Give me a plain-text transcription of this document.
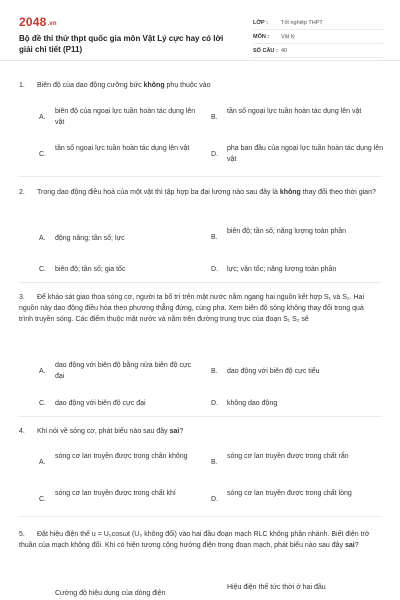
2048.vn
Bộ đề thi thử thpt quốc gia môn Vật Lý cực hay có lời giải chi tiết (P11)
LỚP :	Tốt nghiệp THPT
MÔN :	Vật lý
SỐ CÂU : 40
1. Biên độ của dao động cưỡng bức không phụ thuộc vào
A.
biên độ của ngoại lực tuần hoàn tác dụng lên vật
B.
tần số ngoại lực tuần hoàn tác dụng lên vật
C.
tần số ngoại lực tuần hoàn tác dụng lên vật
D.
pha ban đầu của ngoại lực tuần hoàn tác dụng lên vật
2. Trong dao động điều hoà của một vật thì tập hợp ba đại lượng nào sau đây là không thay đổi theo thời gian?
A.	động năng; tần số; lực	B.
biên độ; tần số; năng lượng toàn phần
C.	biên độ; tần số; gia tốc	D.	lực; vận tốc; năng lượng toàn phần
3. Để khảo sát giao thoa sóng cơ, người ta bố trí trên mặt nước nằm ngang hai nguồn kết hợp S₁ và S₂. Hai nguồn này dao động điều hòa theo phương thẳng đứng, cùng pha. Xem biên độ sóng không thay đổi trong quá trình truyền sóng. Các điểm thuộc mặt nước và nằm trên đường trung trực của đoạn S₁ S₂ sẽ
A.
dao động với biên độ bằng nửa biên độ cực đại
B.	dao động với biên độ cực tiểu
C.	dao động với biên độ cực đại	D.	không dao động
4. Khi nói về sóng cơ, phát biểu nào sau đây sai?
A.
sóng cơ lan truyền được trong chân không
B.
sóng cơ lan truyền được trong chất rắn
C.
sóng cơ lan truyền được trong chất khí
D.
sóng cơ lan truyền được trong chất lỏng
5. Đặt hiệu điện thế u = U₀cosωt (U₀ không đổi) vào hai đầu đoạn mạch RLC không phân nhánh. Biết điện trở thuần của mạch không đổi. Khi có hiện tượng cộng hưởng điện trong đoạn mạch, phát biểu nào sau đây sai?
Cường độ hiệu dụng của dòng điện
Hiệu điện thế tức thời ở hai đầu
